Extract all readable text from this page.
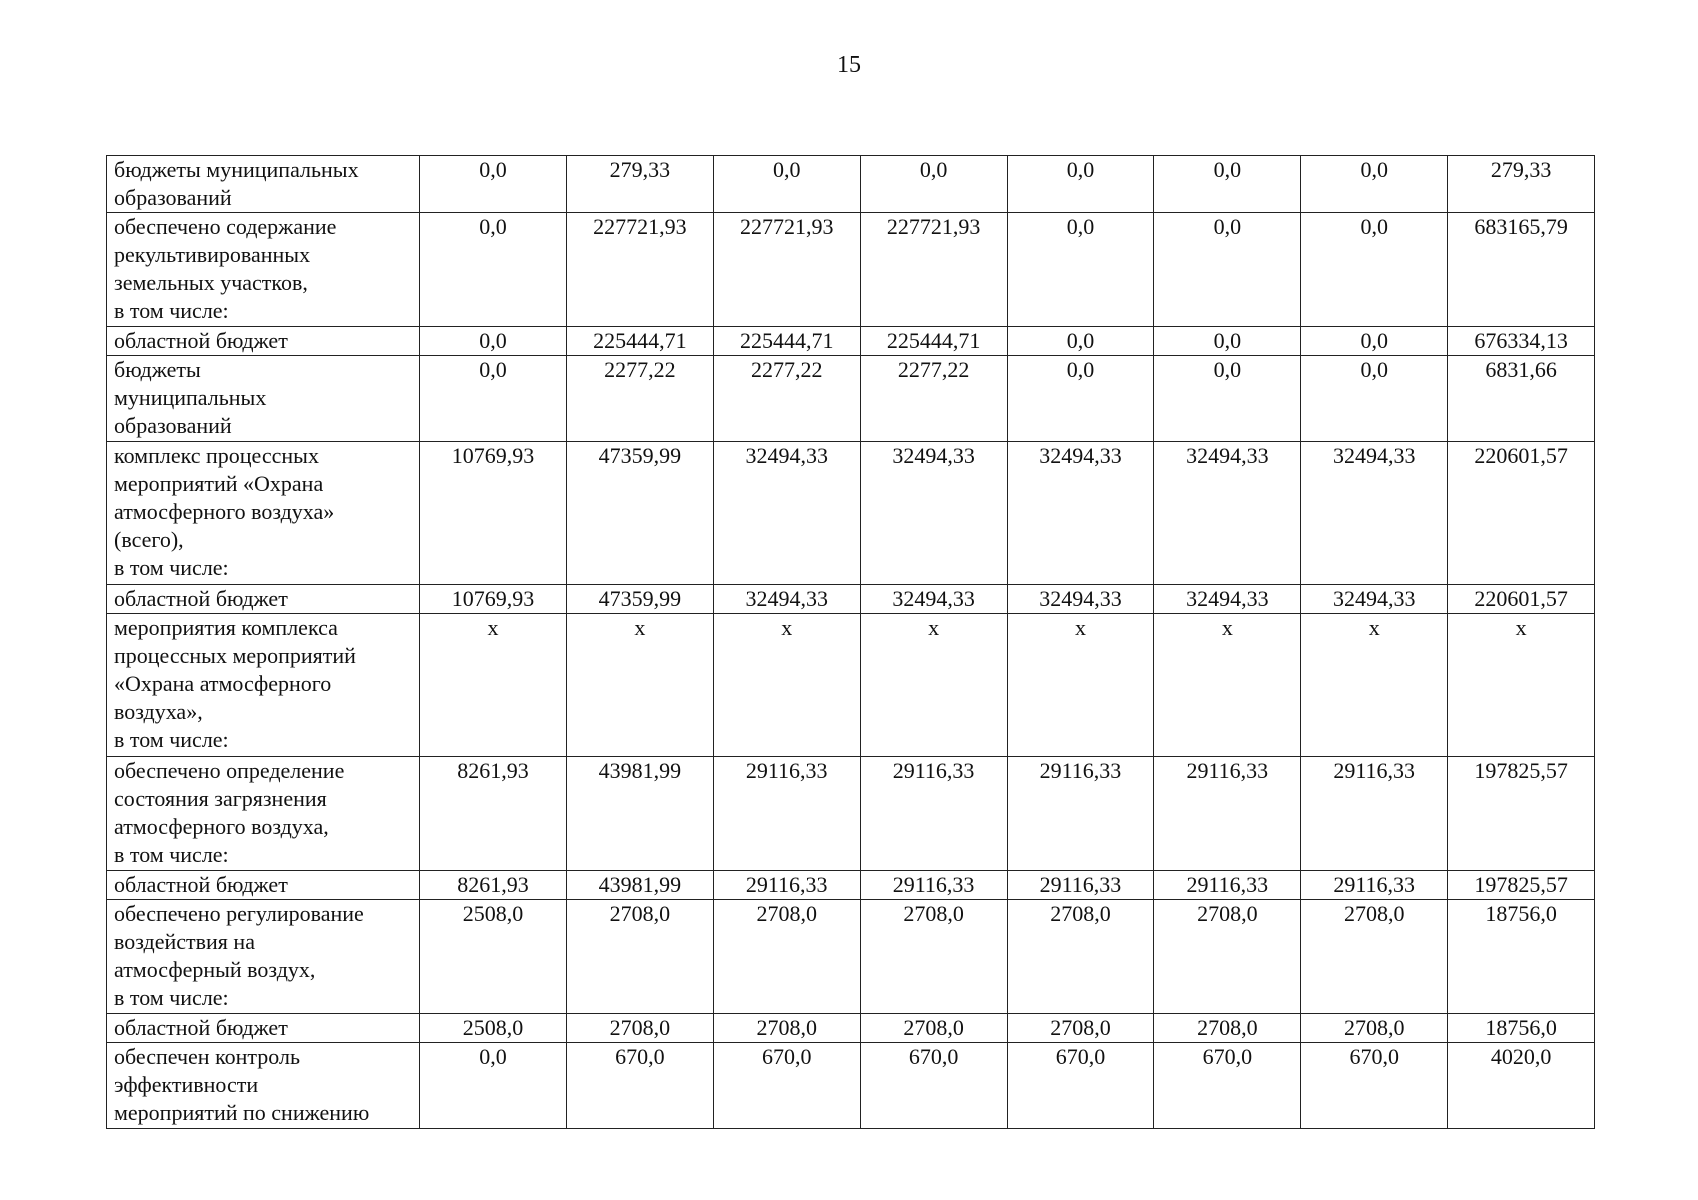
15
бюджеты муниципальных
образований	0,0	279,33	0,0	0,0	0,0	0,0	0,0	279,33
обеспечено содержание
рекультивированных
земельных участков,
в том числе:	0,0	227721,93	227721,93	227721,93	0,0	0,0	0,0	683165,79
областной бюджет	0,0	225444,71	225444,71	225444,71	0,0	0,0	0,0	676334,13
бюджеты
муниципальных
образований	0,0	2277,22	2277,22	2277,22	0,0	0,0	0,0	6831,66
комплекс процессных
мероприятий «Охрана
атмосферного воздуха»
(всего),
в том числе:	10769,93	47359,99	32494,33	32494,33	32494,33	32494,33	32494,33	220601,57
областной бюджет	10769,93	47359,99	32494,33	32494,33	32494,33	32494,33	32494,33	220601,57
мероприятия комплекса
процессных мероприятий
«Охрана атмосферного
воздуха»,
в том числе:	х	х	х	х	х	х	х	х
обеспечено определение
состояния загрязнения
атмосферного воздуха,
в том числе:	8261,93	43981,99	29116,33	29116,33	29116,33	29116,33	29116,33	197825,57
областной бюджет	8261,93	43981,99	29116,33	29116,33	29116,33	29116,33	29116,33	197825,57
обеспечено регулирование
воздействия на
атмосферный воздух,
в том числе:	2508,0	2708,0	2708,0	2708,0	2708,0	2708,0	2708,0	18756,0
областной бюджет	2508,0	2708,0	2708,0	2708,0	2708,0	2708,0	2708,0	18756,0
обеспечен контроль
эффективности
мероприятий по снижению	0,0	670,0	670,0	670,0	670,0	670,0	670,0	4020,0
